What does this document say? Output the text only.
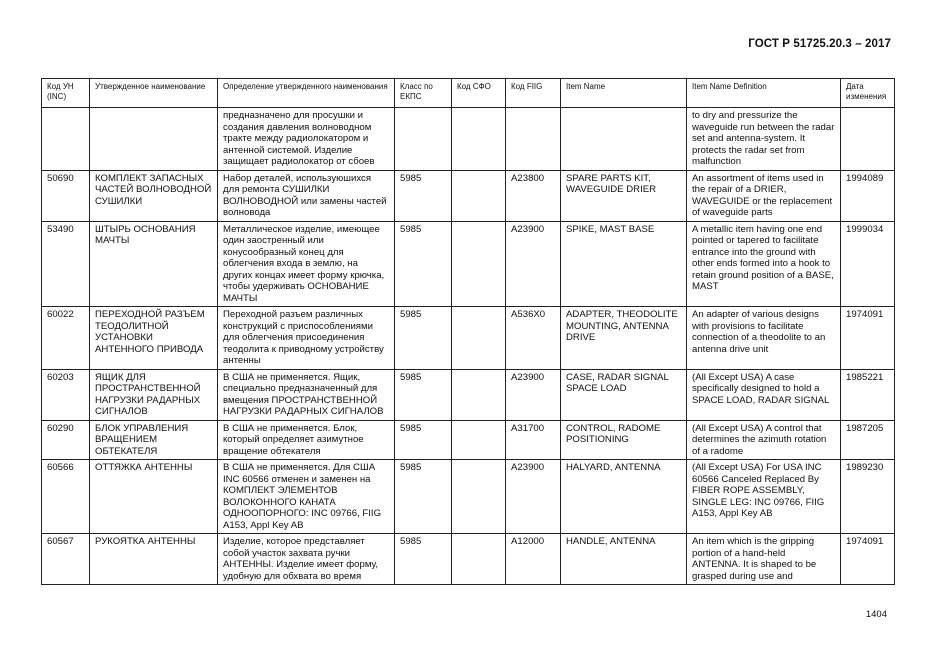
ГОСТ Р 51725.20.3 – 2017
Код УН (INC)	Утвержденное наименование	Определение утвержденного наименования	Класс по ЕКПС	Код СФО	Код FIIG	Item Name	Item Name Definition	Дата изменения
		предназначено для просушки и создания давления волноводном тракте между радиолокатором и антенной системой. Изделие защищает радиолокатор от сбоев					to dry and pressurize the waveguide run between the radar set and antenna-system. It protects the radar set from malfunction	
50690	КОМПЛЕКТ ЗАПАСНЫХ ЧАСТЕЙ ВОЛНОВОДНОЙ СУШИЛКИ	Набор деталей, используюшихся для ремонта СУШИЛКИ ВОЛНОВОДНОЙ или замены частей волновода	5985		A23800	SPARE PARTS KIT, WAVEGUIDE DRIER	An assortment of items used in the repair of a DRIER, WAVEGUIDE or the replacement of waveguide parts	1994089
53490	ШТЫРЬ ОСНОВАНИЯ МАЧТЫ	Металлическое изделие, имеющее один заостренный или конусообразный конец для облегчения входа в землю, на других концах имеет форму крючка, чтобы удерживать ОСНОВАНИЕ МАЧТЫ	5985		A23900	SPIKE, MAST BASE	A metallic item having one end pointed or tapered to facilitate entrance into the ground with other ends formed into a hook to retain ground position of a BASE, MAST	1999034
60022	ПЕРЕХОДНОЙ РАЗЪЕМ ТЕОДОЛИТНОЙ УСТАНОВКИ АНТЕННОГО ПРИВОДА	Переходной разъем различных конструкций с приспособлениями для облегчения присоединения теодолита к приводному устройству антенны	5985		A536X0	ADAPTER, THEODOLITE MOUNTING, ANTENNA DRIVE	An adapter of various designs with provisions to facilitate connection of a theodolite to an antenna drive unit	1974091
60203	ЯЩИК ДЛЯ ПРОСТРАНСТВЕННОЙ НАГРУЗКИ РАДАРНЫХ СИГНАЛОВ	В США не применяется. Ящик, специально предназначенный для вмещения ПРОСТРАНСТВЕННОЙ НАГРУЗКИ РАДАРНЫХ СИГНАЛОВ	5985		A23900	CASE, RADAR SIGNAL SPACE LOAD	(All Except USA) A case specifically designed to hold a SPACE LOAD, RADAR SIGNAL	1985221
60290	БЛОК УПРАВЛЕНИЯ ВРАЩЕНИЕМ ОБТЕКАТЕЛЯ	В США не применяется. Блок, который определяет азимутное вращение обтекателя	5985		A31700	CONTROL, RADOME POSITIONING	(All Except USA) A control that determines the azimuth rotation of a radome	1987205
60566	ОТТЯЖКА АНТЕННЫ	В США не применяется. Для США INC 60566 отменен и заменен на КОМПЛЕКТ ЭЛЕМЕНТОВ ВОЛОКОННОГО КАНАТА ОДНООПОРНОГО: INC 09766, FIIG A153, Appl Key AB	5985		A23900	HALYARD, ANTENNA	(All Except USA) For USA INC 60566 Canceled Replaced By FIBER ROPE ASSEMBLY, SINGLE LEG: INC 09766, FIIG A153, Appl Key AB	1989230
60567	РУКОЯТКА АНТЕННЫ	Изделие, которое представляет собой участок захвата ручки АНТЕННЫ. Изделие имеет форму, удобную для обхвата во время	5985		A12000	HANDLE, ANTENNA	An item which is the gripping portion of a hand-held ANTENNA. It is shaped to be grasped during use and	1974091
1404
